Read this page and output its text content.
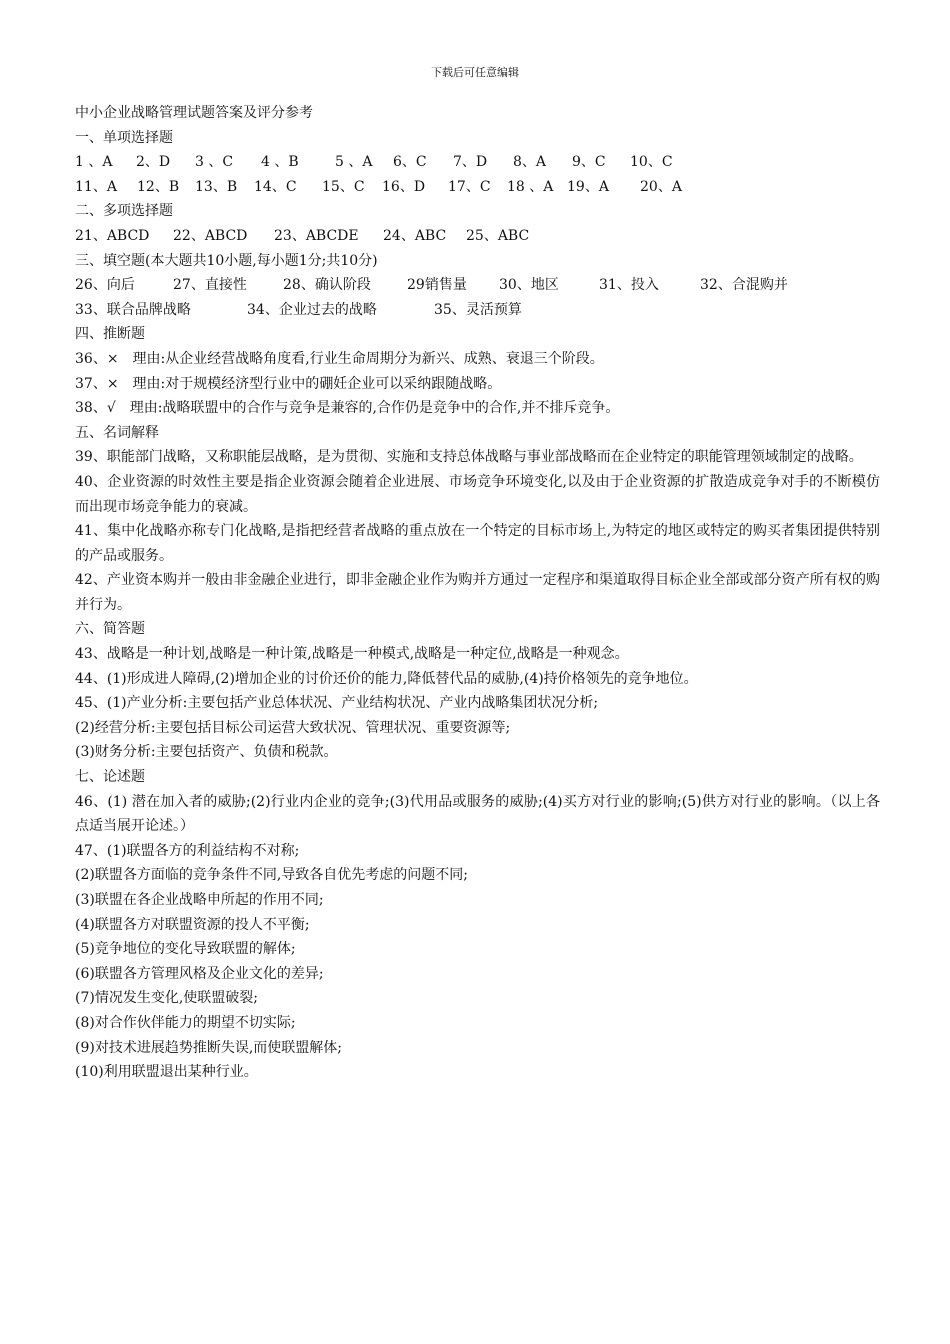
下载后可任意编辑
中小企业战略管理试题答案及评分参考
一、单项选择题
1 、A	2、D	3 、C	4 、B	5 、A	6、C	7、D	8、A	9、C	10、C
11、A	12、B	13、B	14、C	15、C	16、D	17、C	18 、A 19、A	20、A
二、多项选择题
21、ABCD	22、ABCD	23、ABCDE	24、ABC	25、ABC
三、填空题(本大题共10小题,每小题1分;共10分)
26、向后	27、直接性	28、确认阶段	29销售量	30、地区	31、投入	32、合混购并
33、联合品牌战略	34、企业过去的战略	35、灵活预算
四、推断题
36、×　理由:从企业经营战略角度看,行业生命周期分为新兴、成熟、衰退三个阶段。
37、×　理由:对于规模经济型行业中的硼妊企业可以采纳跟随战略。
38、√　理由:战略联盟中的合作与竞争是兼容的,合作仍是竞争中的合作,并不排斥竞争。
五、名词解释
39、职能部门战略，又称职能层战略，是为贯彻、实施和支持总体战略与事业部战略而在企业特定的职能管理领域制定的战略。
40、企业资源的时效性主要是指企业资源会随着企业进展、市场竞争环境变化,以及由于企业资源的扩散造成竞争对手的不断模仿而出现市场竞争能力的衰减。
41、集中化战略亦称专门化战略,是指把经营者战略的重点放在一个特定的目标市场上,为特定的地区或特定的购买者集团提供特别的产品或服务。
42、产业资本购并一般由非金融企业进行，即非金融企业作为购并方通过一定程序和渠道取得目标企业全部或部分资产所有权的购并行为。
六、简答题
43、战略是一种计划,战略是一种计策,战略是一种模式,战略是一种定位,战略是一种观念。
44、(1)形成进人障碍,(2)增加企业的讨价还价的能力,降低替代品的威胁,(4)持价格领先的竞争地位。
45、(1)产业分析:主要包括产业总体状况、产业结构状况、产业内战略集团状况分析;
(2)经营分析:主要包括目标公司运营大致状况、管理状况、重要资源等;
(3)财务分析:主要包括资产、负债和税款。
七、论述题
46、(1) 潜在加入者的威胁;(2)行业内企业的竞争;(3)代用品或服务的威胁;(4)买方对行业的影响;(5)供方对行业的影响。（以上各点适当展开论述。）
47、(1)联盟各方的利益结构不对称;
(2)联盟各方面临的竞争条件不同,导致各自优先考虑的问题不同;
(3)联盟在各企业战略申所起的作用不同;
(4)联盟各方对联盟资源的投人不平衡;
(5)竞争地位的变化导致联盟的解体;
(6)联盟各方管理风格及企业文化的差异;
(7)情况发生变化,使联盟破裂;
(8)对合作伙伴能力的期望不切实际;
(9)对技术进展趋势推断失误,而使联盟解体;
(10)利用联盟退出某种行业。
